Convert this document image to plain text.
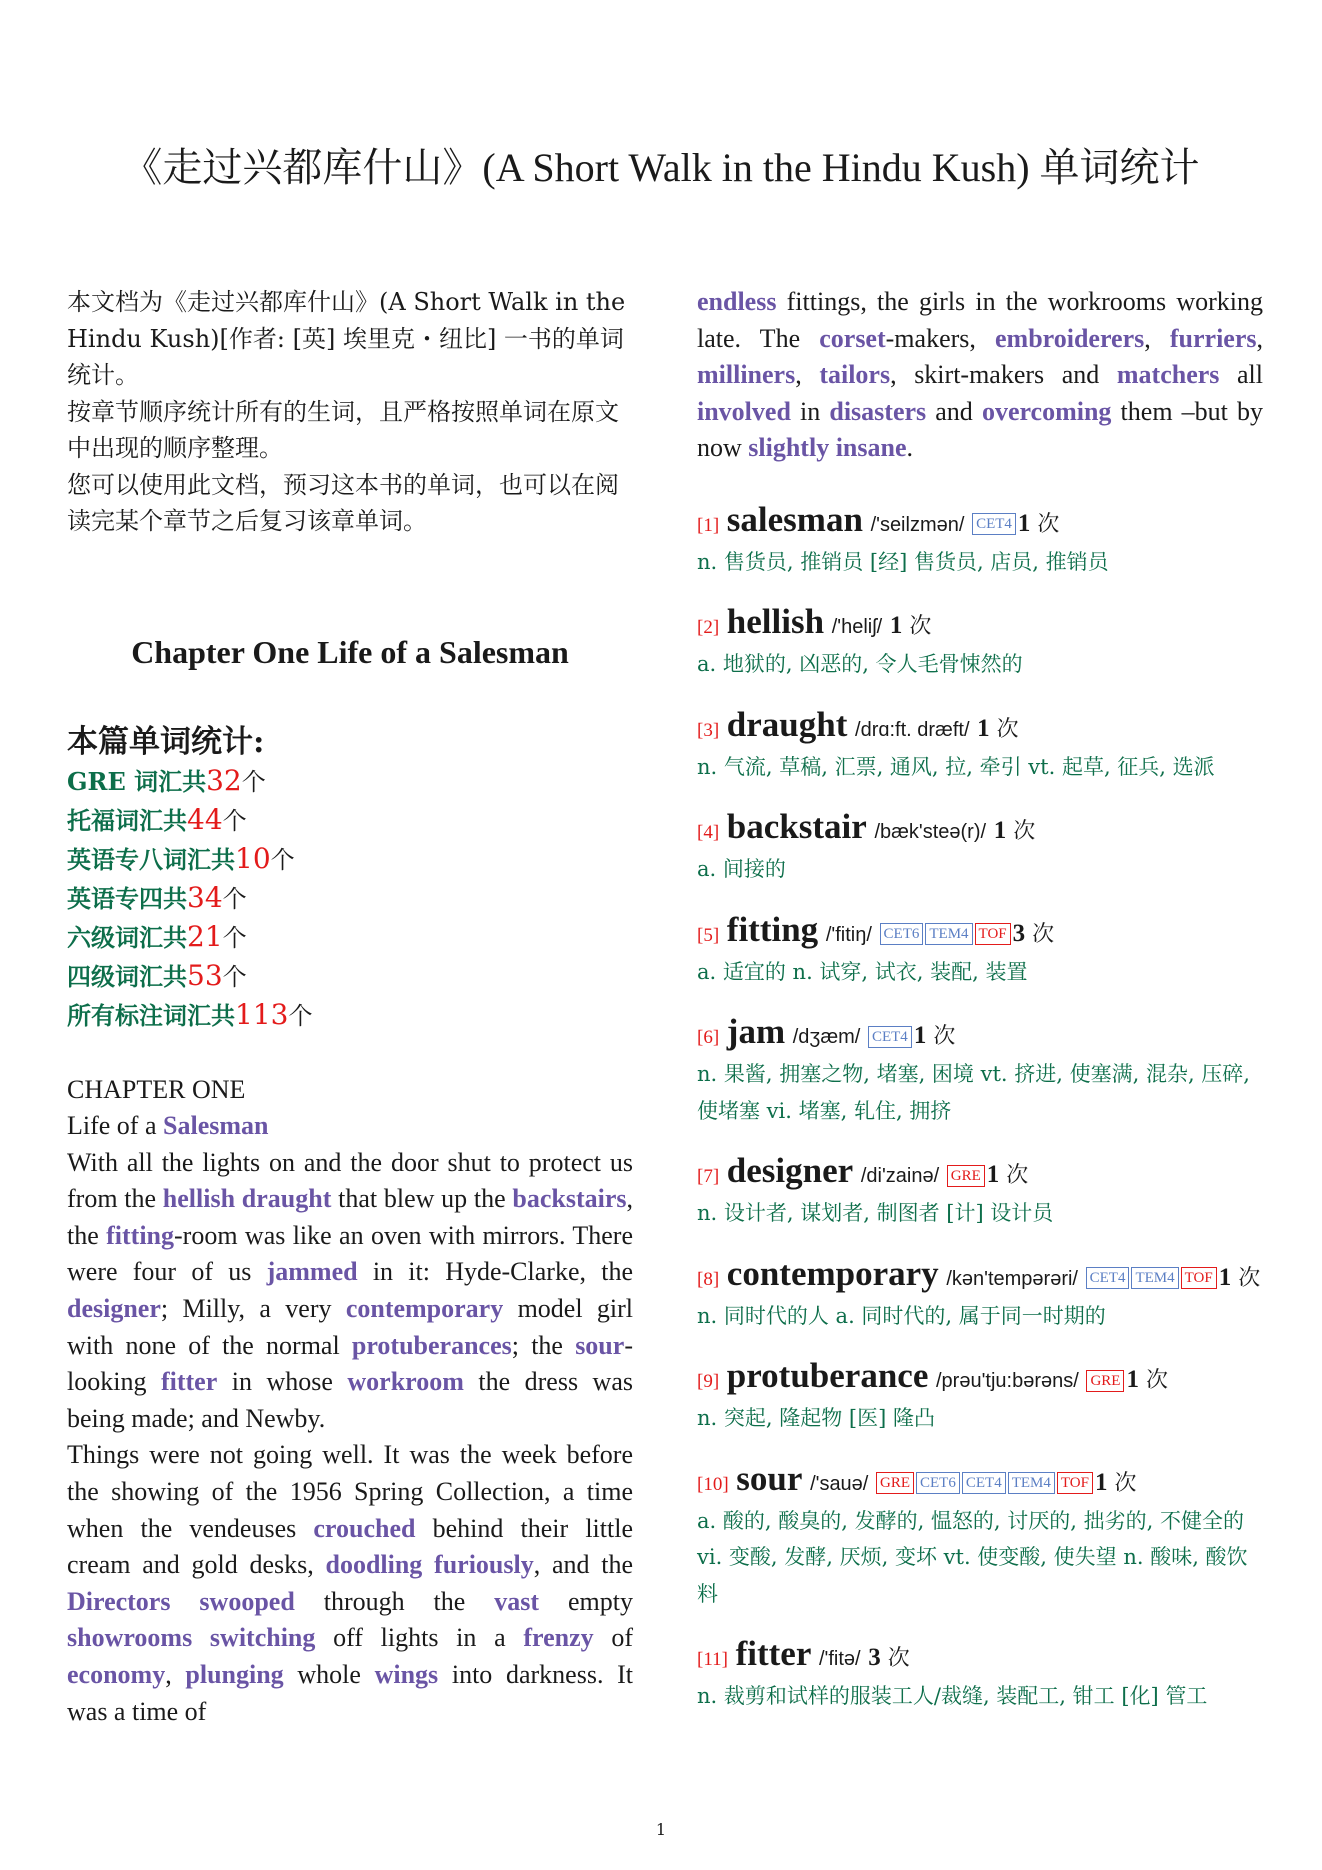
《走过兴都库什山》(A Short Walk in the Hindu Kush) 单词统计

本文档为《走过兴都库什山》(A Short Walk in the Hindu Kush)[作者: [英] 埃里克・纽比] 一书的单词统计。

按章节顺序统计所有的生词，且严格按照单词在原文中出现的顺序整理。

您可以使用此文档，预习这本书的单词，也可以在阅读完某个章节之后复习该章单词。

Chapter One Life of a Salesman
本篇单词统计:
GRE 词汇共32个
托福词汇共44个
英语专八词汇共10个
英语专四共34个
六级词汇共21个
四级词汇共53个
所有标注词汇共113个

CHAPTER ONE

Life of a Salesman

With all the lights on and the door shut to protect us from the hellish draught that blew up the backstairs, the fitting-room was like an oven with mirrors. There were four of us jammed in it: Hyde-Clarke, the designer; Milly, a very contemporary model girl with none of the normal protuberances; the sour-looking fitter in whose workroom the dress was being made; and Newby.
Things were not going well. It was the week before the showing of the 1956 Spring Collection, a time when the vendeuses crouched behind their little cream and gold desks, doodling furiously, and the Directors swooped through the vast empty showrooms switching off lights in a frenzy of economy, plunging whole wings into darkness. It was a time of

endless fittings, the girls in the workrooms working late. The corset-makers, embroiderers, furriers, milliners, tailors, skirt-makers and matchers all involved in disasters and overcoming them –but by now slightly insane.

[1] salesman /'seilzmən/ CET4 1 次
n. 售货员, 推销员 [经] 售货员, 店员, 推销员
[2] hellish /'heliʃ/ 1 次
a. 地狱的, 凶恶的, 令人毛骨悚然的
[3] draught /drɑ:ft. dræft/ 1 次
n. 气流, 草稿, 汇票, 通风, 拉, 牵引 vt. 起草, 征兵, 选派
[4] backstair /bæk'steə(r)/ 1 次
a. 间接的
[5] fitting /'fitiŋ/ CET6 TEM4 TOF 3 次
a. 适宜的 n. 试穿, 试衣, 装配, 装置
[6] jam /dʒæm/ CET4 1 次
n. 果酱, 拥塞之物, 堵塞, 困境 vt. 挤进, 使塞满, 混杂, 压碎, 使堵塞 vi. 堵塞, 轧住, 拥挤
[7] designer /di'zainə/ GRE 1 次
n. 设计者, 谋划者, 制图者 [计] 设计员
[8] contemporary /kən'tempərəri/ CET4 TEM4 TOF 1 次
n. 同时代的人 a. 同时代的, 属于同一时期的
[9] protuberance /prəu'tju:bərəns/ GRE 1 次
n. 突起, 隆起物 [医] 隆凸
[10] sour /'sauə/ GRE CET6 CET4 TEM4 TOF 1 次
a. 酸的, 酸臭的, 发酵的, 愠怒的, 讨厌的, 拙劣的, 不健全的 vi. 变酸, 发酵, 厌烦, 变坏 vt. 使变酸, 使失望 n. 酸味, 酸饮料
[11] fitter /'fitə/ 3 次
n. 裁剪和试样的服装工人/裁缝, 装配工, 钳工 [化] 管工
1
